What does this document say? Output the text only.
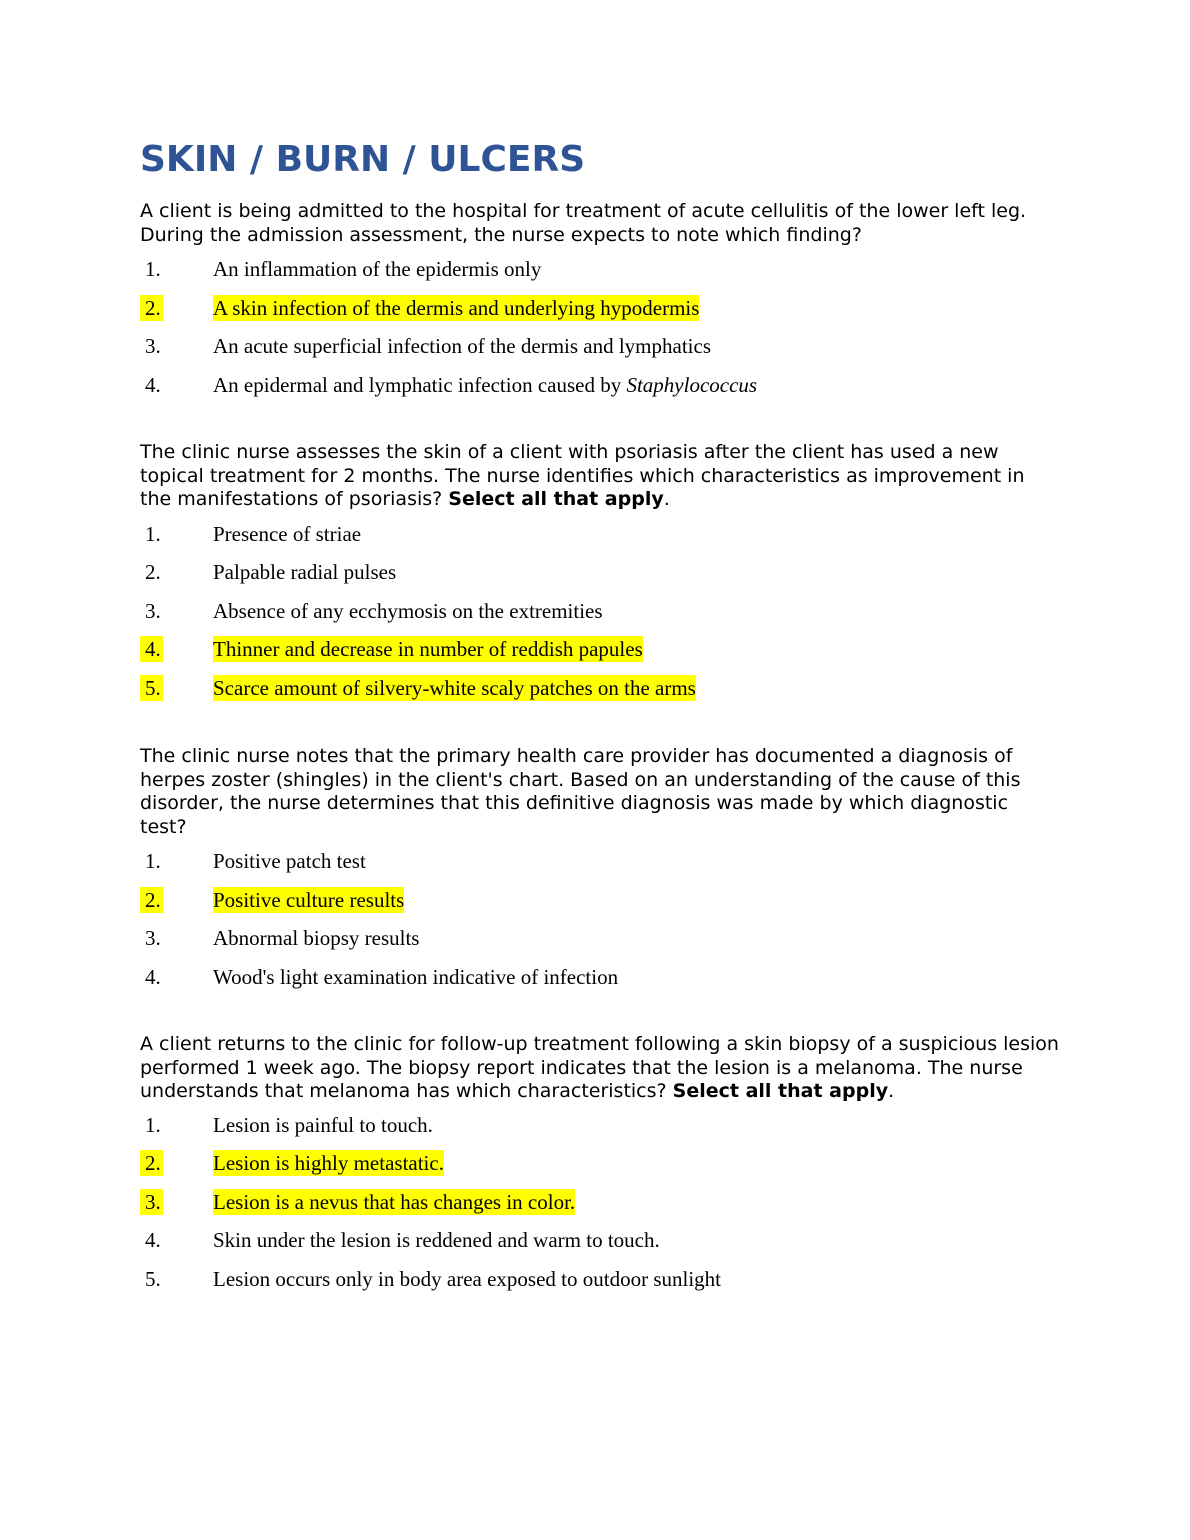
SKIN / BURN / ULCERS

A client is being admitted to the hospital for treatment of acute cellulitis of the lower left leg. During the admission assessment, the nurse expects to note which finding?

1. An inflammation of the epidermis only
2. A skin infection of the dermis and underlying hypodermis
3. An acute superficial infection of the dermis and lymphatics
4. An epidermal and lymphatic infection caused by Staphylococcus

The clinic nurse assesses the skin of a client with psoriasis after the client has used a new topical treatment for 2 months. The nurse identifies which characteristics as improvement in the manifestations of psoriasis? Select all that apply.

1. Presence of striae
2. Palpable radial pulses
3. Absence of any ecchymosis on the extremities
4. Thinner and decrease in number of reddish papules
5. Scarce amount of silvery-white scaly patches on the arms

The clinic nurse notes that the primary health care provider has documented a diagnosis of herpes zoster (shingles) in the client's chart. Based on an understanding of the cause of this disorder, the nurse determines that this definitive diagnosis was made by which diagnostic test?

1. Positive patch test
2. Positive culture results
3. Abnormal biopsy results
4. Wood's light examination indicative of infection

A client returns to the clinic for follow-up treatment following a skin biopsy of a suspicious lesion performed 1 week ago. The biopsy report indicates that the lesion is a melanoma. The nurse understands that melanoma has which characteristics? Select all that apply.

1. Lesion is painful to touch.
2. Lesion is highly metastatic.
3. Lesion is a nevus that has changes in color.
4. Skin under the lesion is reddened and warm to touch.
5. Lesion occurs only in body area exposed to outdoor sunlight
